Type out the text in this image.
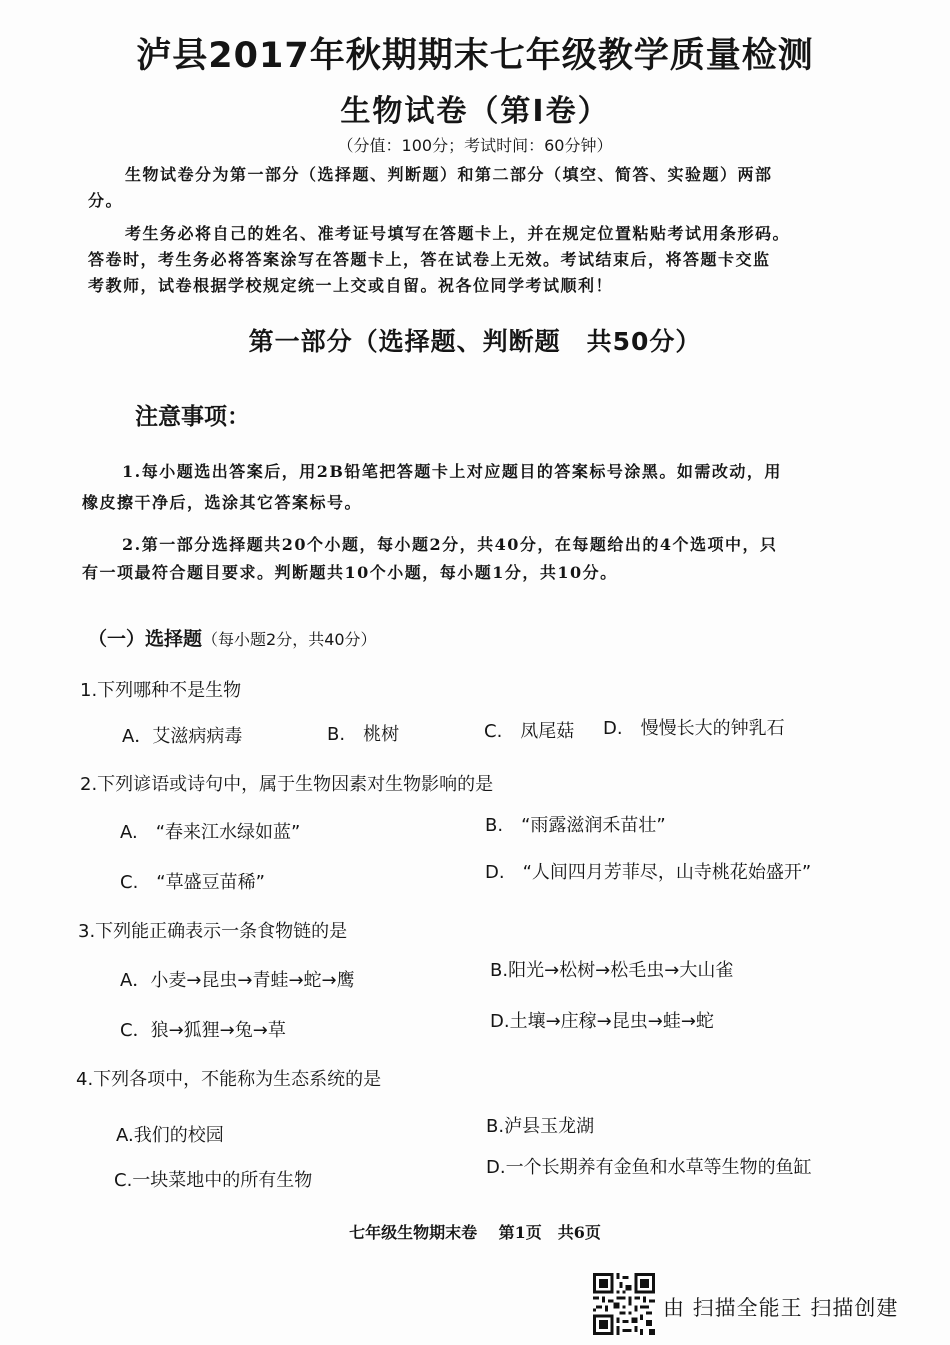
泸县2017年秋期期末七年级教学质量检测
生物试卷（第Ⅰ卷）
（分值：100分；考试时间：60分钟）
生物试卷分为第一部分（选择题、判断题）和第二部分（填空、简答、实验题）两部
分。
考生务必将自己的姓名、准考证号填写在答题卡上，并在规定位置粘贴考试用条形码。
答卷时，考生务必将答案涂写在答题卡上，答在试卷上无效。考试结束后，将答题卡交监
考教师，试卷根据学校规定统一上交或自留。祝各位同学考试顺利！
第一部分（选择题、判断题　共50分）
注意事项：
1.每小题选出答案后，用2B铅笔把答题卡上对应题目的答案标号涂黑。如需改动，用
橡皮擦干净后，选涂其它答案标号。
2.第一部分选择题共20个小题，每小题2分，共40分，在每题给出的4个选项中，只
有一项最符合题目要求。判断题共10个小题，每小题1分，共10分。
（一）选择题（每小题2分，共40分）
1.下列哪种不是生物
A．艾滋病病毒	B.　桃树	C.　凤尾菇 D.　慢慢长大的钟乳石
2.下列谚语或诗句中，属于生物因素对生物影响的是
A.　“春来江水绿如蓝”	B.　“雨露滋润禾苗壮”
C.　“草盛豆苗稀”	D.　“人间四月芳菲尽，山寺桃花始盛开”
3.下列能正确表示一条食物链的是
A．小麦→昆虫→青蛙→蛇→鹰	B.阳光→松树→松毛虫→大山雀
C．狼→狐狸→兔→草	D.土壤→庄稼→昆虫→蛙→蛇
4.下列各项中，不能称为生态系统的是
A.我们的校园	B.泸县玉龙湖
C.一块菜地中的所有生物
D.一个长期养有金鱼和水草等生物的鱼缸
七年级生物期末卷　 第1页　共6页
由 扫描全能王 扫描创建
